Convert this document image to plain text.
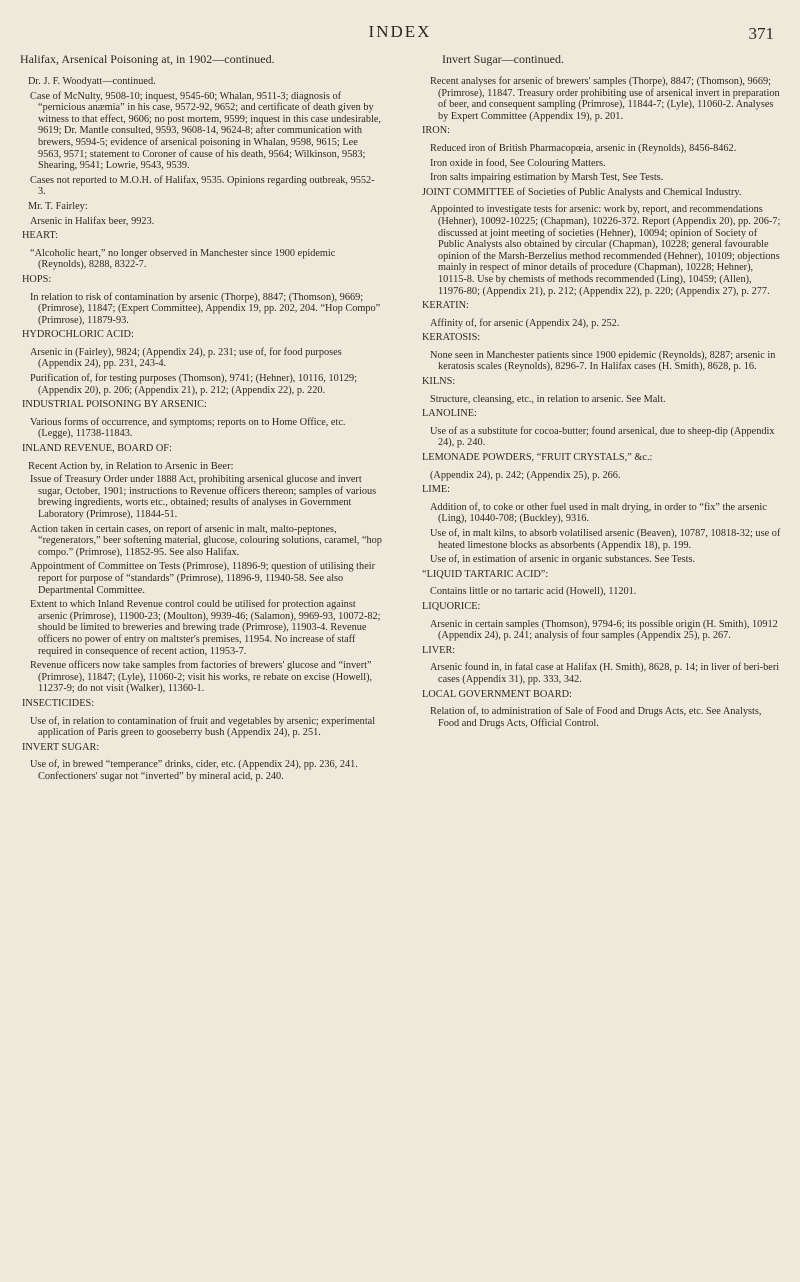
INDEX	371
Halifax, Arsenical Poisoning at, in 1902—continued.	Invert Sugar—continued.
Dr. J. F. Woodyatt—continued.
Case of McNulty, 9508-10; inquest, 9545-60; Whalan, 9511-3; diagnosis of “pernicious anæmia” in his case, 9572-92, 9652; and certificate of death given by witness to that effect, 9606; no post mortem, 9599; inquest in this case undesirable, 9619; Dr. Mantle consulted, 9593, 9608-14, 9624-8; after communication with brewers, 9594-5; evidence of arsenical poisoning in Whalan, 9598, 9615; Lee 9563, 9571; statement to Coroner of cause of his death, 9564; Wilkinson, 9583; Shearing, 9541; Lowrie, 9543, 9539.
Cases not reported to M.O.H. of Halifax, 9535. Opinions regarding outbreak, 9552-3.
Mr. T. Fairley:
Arsenic in Halifax beer, 9923.
HEART:
“Alcoholic heart,” no longer observed in Manchester since 1900 epidemic (Reynolds), 8288, 8322-7.
HOPS:
In relation to risk of contamination by arsenic (Thorpe), 8847; (Thomson), 9669; (Primrose), 11847; (Expert Committee), Appendix 19, pp. 202, 204. “Hop Compo” (Primrose), 11879-93.
HYDROCHLORIC ACID:
Arsenic in (Fairley), 9824; (Appendix 24), p. 231; use of, for food purposes (Appendix 24), pp. 231, 243-4.
Purification of, for testing purposes (Thomson), 9741; (Hehner), 10116, 10129; (Appendix 20), p. 206; (Appendix 21), p. 212; (Appendix 22), p. 220.
INDUSTRIAL POISONING BY ARSENIC:
Various forms of occurrence, and symptoms; reports on to Home Office, etc. (Legge), 11738-11843.
INLAND REVENUE, BOARD OF:
Recent Action by, in Relation to Arsenic in Beer:
Issue of Treasury Order under 1888 Act, prohibiting arsenical glucose and invert sugar, October, 1901; instructions to Revenue officers thereon; samples of various brewing ingredients, worts etc., obtained; results of analyses in Government Laboratory (Primrose), 11844-51.
Action taken in certain cases, on report of arsenic in malt, malto-peptones, “regenerators,” beer softening material, glucose, colouring solutions, caramel, “hop compo.” (Primrose), 11852-95. See also Halifax.
Appointment of Committee on Tests (Primrose), 11896-9; question of utilising their report for purpose of “standards” (Primrose), 11896-9, 11940-58. See also Departmental Committee.
Extent to which Inland Revenue control could be utilised for protection against arsenic (Primrose), 11900-23; (Moulton), 9939-46; (Salamon), 9969-93, 10072-82; should be limited to breweries and brewing trade (Primrose), 11903-4. Revenue officers no power of entry on maltster's premises, 11954. No increase of staff required in consequence of recent action, 11953-7.
Revenue officers now take samples from factories of brewers' glucose and “invert” (Primrose), 11847; (Lyle), 11060-2; visit his works, re rebate on excise (Howell), 11237-9; do not visit (Walker), 11360-1.
INSECTICIDES:
Use of, in relation to contamination of fruit and vegetables by arsenic; experimental application of Paris green to gooseberry bush (Appendix 24), p. 251.
INVERT SUGAR:
Use of, in brewed “temperance” drinks, cider, etc. (Appendix 24), pp. 236, 241. Confectioners' sugar not “inverted” by mineral acid, p. 240.
Recent analyses for arsenic of brewers' samples (Thorpe), 8847; (Thomson), 9669; (Primrose), 11847. Treasury order prohibiting use of arsenical invert in preparation of beer, and consequent sampling (Primrose), 11844-7; (Lyle), 11060-2. Analyses by Expert Committee (Appendix 19), p. 201.
IRON:
Reduced iron of British Pharmacopœia, arsenic in (Reynolds), 8456-8462.
Iron oxide in food, See Colouring Matters.
Iron salts impairing estimation by Marsh Test, See Tests.
JOINT COMMITTEE of Societies of Public Analysts and Chemical Industry.
Appointed to investigate tests for arsenic: work by, report, and recommendations (Hehner), 10092-10225; (Chapman), 10226-372. Report (Appendix 20), pp. 206-7; discussed at joint meeting of societies (Hehner), 10094; opinion of Society of Public Analysts also obtained by circular (Chapman), 10228; general favourable opinion of the Marsh-Berzelius method recommended (Hehner), 10109; objections mainly in respect of minor details of procedure (Chapman), 10228; Hehner), 10115-8. Use by chemists of methods recommended (Ling), 10459; (Allen), 11976-80; (Appendix 21), p. 212; (Appendix 22), p. 220; (Appendix 27), p. 277.
KERATIN:
Affinity of, for arsenic (Appendix 24), p. 252.
KERATOSIS:
None seen in Manchester patients since 1900 epidemic (Reynolds), 8287; arsenic in keratosis scales (Reynolds), 8296-7. In Halifax cases (H. Smith), 8628, p. 16.
KILNS:
Structure, cleansing, etc., in relation to arsenic. See Malt.
LANOLINE:
Use of as a substitute for cocoa-butter; found arsenical, due to sheep-dip (Appendix 24), p. 240.
LEMONADE POWDERS, “FRUIT CRYSTALS,” &c.:
(Appendix 24), p. 242; (Appendix 25), p. 266.
LIME:
Addition of, to coke or other fuel used in malt drying, in order to “fix” the arsenic (Ling), 10440-708; (Buckley), 9316.
Use of, in malt kilns, to absorb volatilised arsenic (Beaven), 10787, 10818-32; use of heated limestone blocks as absorbents (Appendix 18), p. 199.
Use of, in estimation of arsenic in organic substances. See Tests.
“LIQUID TARTARIC ACID”:
Contains little or no tartaric acid (Howell), 11201.
LIQUORICE:
Arsenic in certain samples (Thomson), 9794-6; its possible origin (H. Smith), 10912 (Appendix 24), p. 241; analysis of four samples (Appendix 25), p. 267.
LIVER:
Arsenic found in, in fatal case at Halifax (H. Smith), 8628, p. 14; in liver of beri-beri cases (Appendix 31), pp. 333, 342.
LOCAL GOVERNMENT BOARD:
Relation of, to administration of Sale of Food and Drugs Acts, etc. See Analysts, Food and Drugs Acts, Official Control.
